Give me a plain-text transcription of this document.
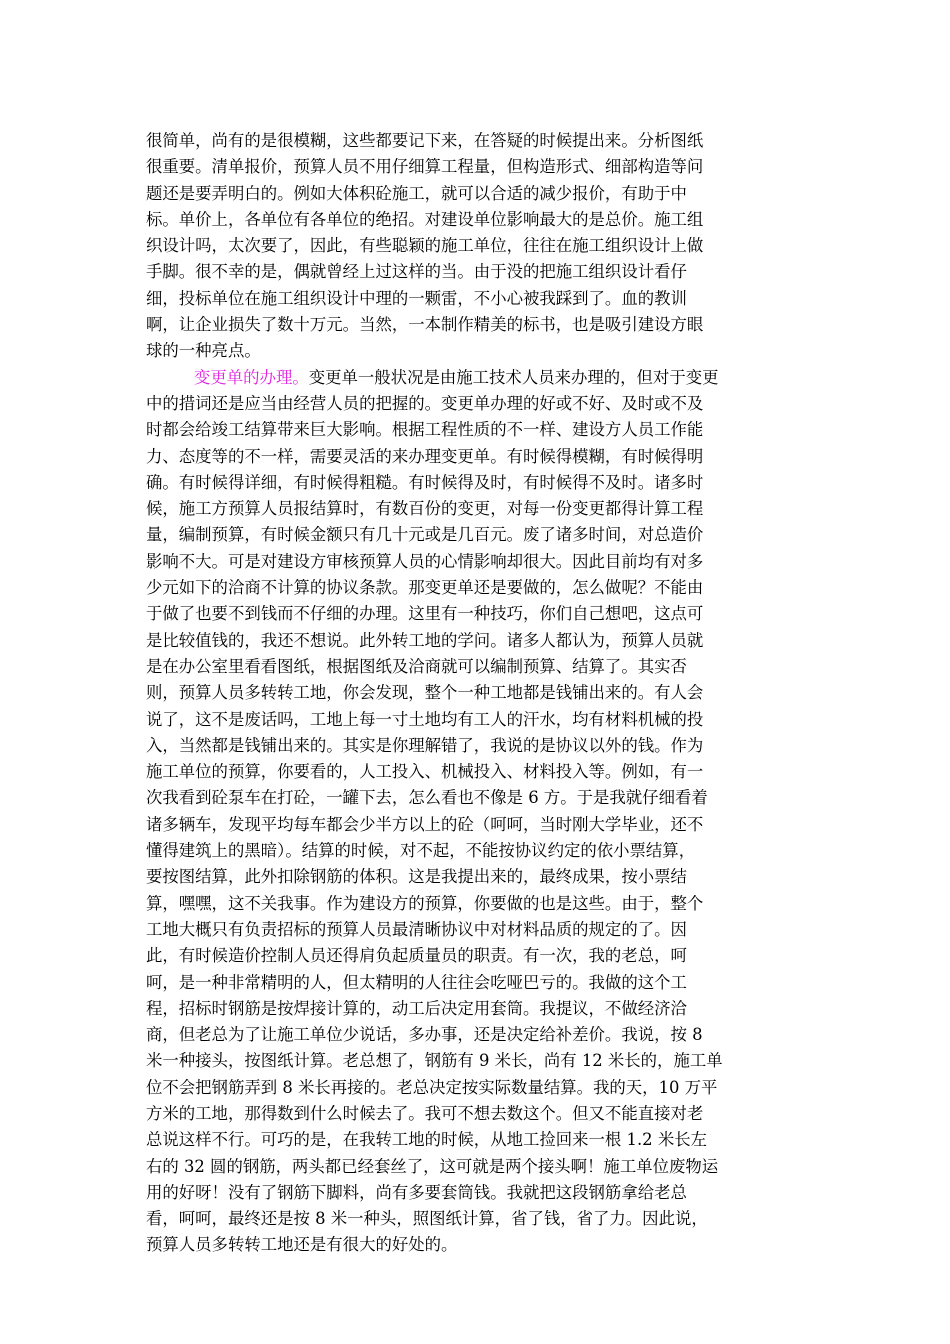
很简单，尚有的是很模糊，这些都要记下来，在答疑的时候提出来。分析图纸
很重要。清单报价，预算人员不用仔细算工程量，但构造形式、细部构造等问
题还是要弄明白的。例如大体积砼施工，就可以合适的减少报价，有助于中
标。单价上，各单位有各单位的绝招。对建设单位影响最大的是总价。施工组
织设计吗，太次要了，因此，有些聪颖的施工单位，往往在施工组织设计上做
手脚。很不幸的是，偶就曾经上过这样的当。由于没的把施工组织设计看仔
细，投标单位在施工组织设计中理的一颗雷，不小心被我踩到了。血的教训
啊，让企业损失了数十万元。当然，一本制作精美的标书，也是吸引建设方眼
球的一种亮点。
变更单的办理。变更单一般状况是由施工技术人员来办理的，但对于变更
中的措词还是应当由经营人员的把握的。变更单办理的好或不好、及时或不及
时都会给竣工结算带来巨大影响。根据工程性质的不一样、建设方人员工作能
力、态度等的不一样，需要灵活的来办理变更单。有时候得模糊，有时候得明
确。有时候得详细，有时候得粗糙。有时候得及时，有时候得不及时。诸多时
候，施工方预算人员报结算时，有数百份的变更，对每一份变更都得计算工程
量，编制预算，有时候金额只有几十元或是几百元。废了诸多时间，对总造价
影响不大。可是对建设方审核预算人员的心情影响却很大。因此目前均有对多
少元如下的洽商不计算的协议条款。那变更单还是要做的，怎么做呢？不能由
于做了也要不到钱而不仔细的办理。这里有一种技巧，你们自己想吧，这点可
是比较值钱的，我还不想说。此外转工地的学问。诸多人都认为，预算人员就
是在办公室里看看图纸，根据图纸及洽商就可以编制预算、结算了。其实否
则，预算人员多转转工地，你会发现，整个一种工地都是钱铺出来的。有人会
说了，这不是废话吗，工地上每一寸土地均有工人的汗水，均有材料机械的投
入，当然都是钱铺出来的。其实是你理解错了，我说的是协议以外的钱。作为
施工单位的预算，你要看的，人工投入、机械投入、材料投入等。例如，有一
次我看到砼泵车在打砼，一罐下去，怎么看也不像是 6 方。于是我就仔细看着
诸多辆车，发现平均每车都会少半方以上的砼（呵呵，当时刚大学毕业，还不
懂得建筑上的黑暗）。结算的时候，对不起，不能按协议约定的依小票结算，
要按图结算，此外扣除钢筋的体积。这是我提出来的，最终成果，按小票结
算，嘿嘿，这不关我事。作为建设方的预算，你要做的也是这些。由于，整个
工地大概只有负责招标的预算人员最清晰协议中对材料品质的规定的了。因
此，有时候造价控制人员还得肩负起质量员的职责。有一次，我的老总，呵
呵，是一种非常精明的人，但太精明的人往往会吃哑巴亏的。我做的这个工
程，招标时钢筋是按焊接计算的，动工后决定用套筒。我提议，不做经济洽
商，但老总为了让施工单位少说话，多办事，还是决定给补差价。我说，按 8
米一种接头，按图纸计算。老总想了，钢筋有 9 米长，尚有 12 米长的，施工单
位不会把钢筋弄到 8 米长再接的。老总决定按实际数量结算。我的天，10 万平
方米的工地，那得数到什么时候去了。我可不想去数这个。但又不能直接对老
总说这样不行。可巧的是，在我转工地的时候，从地工捡回来一根 1.2 米长左
右的 32 圆的钢筋，两头都已经套丝了，这可就是两个接头啊！施工单位废物运
用的好呀！没有了钢筋下脚料，尚有多要套筒钱。我就把这段钢筋拿给老总
看，呵呵，最终还是按 8 米一种头，照图纸计算，省了钱，省了力。因此说，
预算人员多转转工地还是有很大的好处的。
